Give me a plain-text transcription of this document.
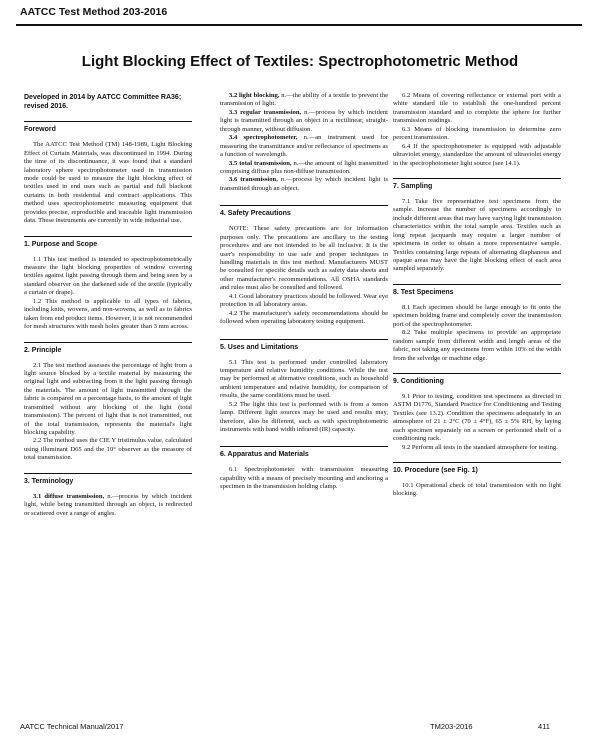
AATCC Test Method 203-2016
Light Blocking Effect of Textiles: Spectrophotometric Method
Developed in 2014 by AATCC Committee RA36; revised 2016.
Foreword

The AATCC Test Method (TM) 148-1989, Light Blocking Effect of Curtain Materials, was discontinued in 1994. During the time of its discontinuance, it was found that a standard laboratory sphere spectrophotometer used in transmission mode could be used to measure the light blocking effect of textiles used in end uses such as partial and full blackout curtains in both residential and contract applications. This method uses spectrophotometric measuring equipment that provides precise, reproducible and traceable light transmission data. These instruments are currently in wide industrial use.

1. Purpose and Scope

1.1 This test method is intended to spectrophotometrically measure the light blocking properties of window covering textiles against light passing through them and being seen by a standard observer on the darkened side of the textile (typically a curtain or drape).

1.2 This method is applicable to all types of fabrics, including knits, wovens, and non-wovens, as well as to fabrics taken from end product items. However, it is not recommended for mesh structures with mesh holes greater than 3 mm across.

2. Principle

2.1 The test method assesses the percentage of light from a light source blocked by a textile material by measuring the original light and subtracting from it the light passing through the materials. The amount of light transmitted through the fabric is compared on a percentage basis, to the amount of light transmitted without any blocking of the light (total transmission). The percent of light that is not transmitted, out of the total transmission, represents the material's light blocking capability.

2.2 The method uses the CIE Y tristimulus value, calculated using illuminant D65 and the 10° observer as the measure of total transmission.

3. Terminology

3.1 diffuse transmission, n.—process by which incident light, while being transmitted through an object, is redirected or scattered over a range of angles.

3.2 light blocking, n.—the ability of a textile to prevent the transmission of light.

3.3 regular transmission, n.—process by which incident light is transmitted through an object in a rectilinear, straight-through manner, without diffusion.

3.4 spectrophotometer, n.—an instrument used for measuring the transmittance and/or reflectance of specimens as a function of wavelength.

3.5 total transmission, n.—the amount of light transmitted comprising diffuse plus non-diffuse transmission.

3.6 transmission, n.—process by which incident light is transmitted through an object.

4. Safety Precautions

NOTE: These safety precautions are for information purposes only. The precautions are ancillary to the testing procedures and are not intended to be all inclusive. It is the user's responsibility to use safe and proper techniques in handling materials in this test method. Manufacturers MUST be consulted for specific details such as safety data sheets and other manufacturer's recommendations. All OSHA standards and rules must also be consulted and followed.

4.1 Good laboratory practices should be followed. Wear eye protection in all laboratory areas.

4.2 The manufacturer's safety recommendations should be followed when operating laboratory testing equipment.

5. Uses and Limitations

5.1 This test is performed under controlled laboratory temperature and relative humidity conditions. While the test may be performed at alternative conditions, such as household ambient temperature and relative humidity, for comparison of results, the same conditions must be used.

5.2 The light this test is performed with is from a xenon lamp. Different light sources may be used and results may, therefore, also be different, such as with spectrophotometric instruments with band width infrared (IR) capacity.

6. Apparatus and Materials

6.1 Spectrophotometer with transmission measuring capability with a means of precisely mounting and anchoring a specimen in the transmission holding clamp.

6.2 Means of covering reflectance or external port with a white standard tile to establish the one-hundred percent transmission standard and to complete the sphere for further transmission readings.

6.3 Means of blocking transmission to determine zero percent transmission.

6.4 If the spectrophotometer is equipped with adjustable ultraviolet energy, standardize the amount of ultraviolet energy in the spectrophotometer light source (see 14.1).

7. Sampling

7.1 Take five representative test specimens from the sample. Increase the number of specimens accordingly to include different areas that may have varying light transmission characteristics within the total sample area. Textiles such as long repeat jacquards may require a larger number of specimens in order to obtain a more representative sample. Textiles containing large repeats of alternating diaphanous and opaque areas may have the light blocking effect of each area sampled separately.

8. Test Specimens

8.1 Each specimen should be large enough to fit onto the specimen holding frame and completely cover the transmission port of the spectrophotometer.

8.2 Take multiple specimens to provide an appropriate random sample from different width and length areas of the fabric, not taking any specimens from within 10% of the width from the selvedge or machine edge.

9. Conditioning

9.1 Prior to testing, condition test specimens as directed in ASTM D1776, Standard Practice for Conditioning and Testing Textiles (see 13.2). Condition the specimens adequately in an atmosphere of 21 ± 2°C (70 ± 4°F), 65 ± 5% RH, by laying each specimen separately on a screen or perforated shelf of a conditioning rack.

9.2 Perform all tests in the standard atmosphere for testing.

10. Procedure (see Fig. 1)

10.1 Operational check of total transmission with no light blocking.

AATCC Technical Manual/2017	TM203-2016	411
